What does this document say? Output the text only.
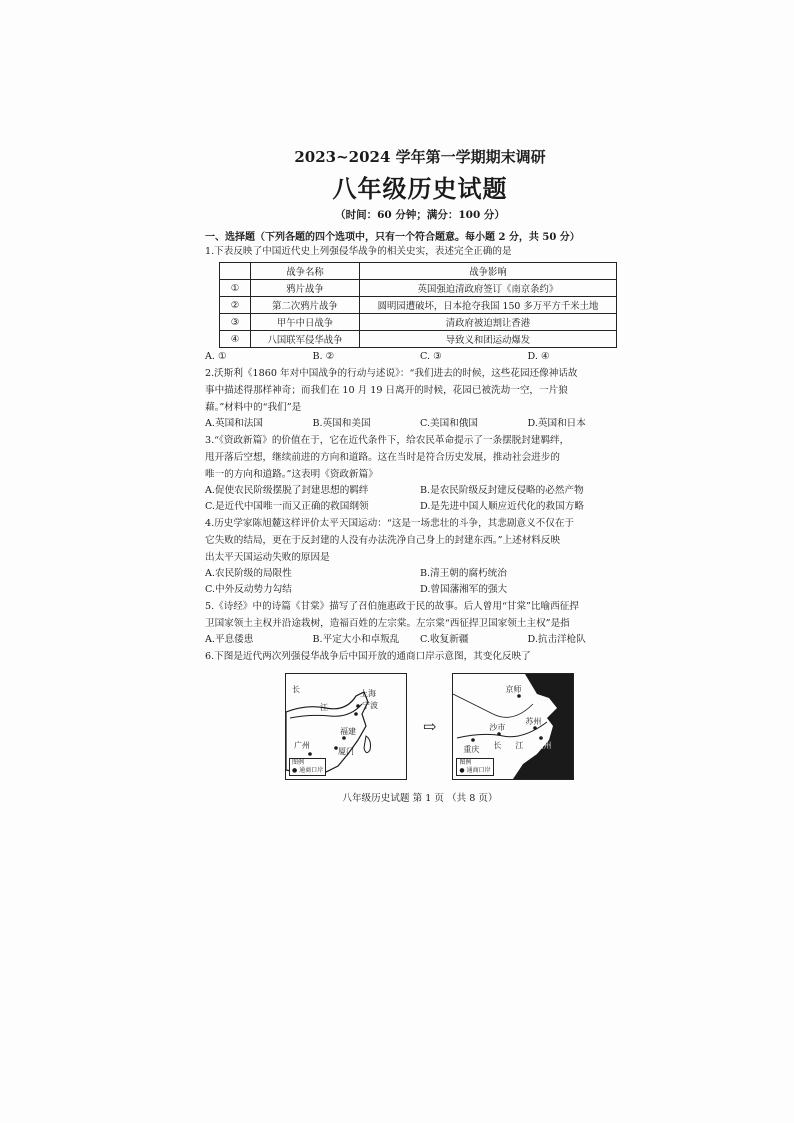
2023~2024 学年第一学期期末调研
八年级历史试题
（时间：60 分钟；满分：100 分）
一、选择题（下列各题的四个选项中，只有一个符合题意。每小题 2 分，共 50 分）
1.下表反映了中国近代史上列强侵华战争的相关史实，表述完全正确的是
	战争名称	战争影响
①	鸦片战争	英国强迫清政府签订《南京条约》
②	第二次鸦片战争	圆明园遭破坏，日本抢夺我国 150 多万平方千米土地
③	甲午中日战争	清政府被迫割让香港
④	八国联军侵华战争	导致义和团运动爆发
A. ①	B. ②	C. ③	D. ④
2.沃斯利《1860 年对中国战争的行动与述说》：“我们进去的时候，这些花园还像神话故
事中描述得那样神奇；而我们在 10 月 19 日离开的时候，花园已被洗劫一空，一片狼
藉。”材料中的“我们”是
A.英国和法国	B.英国和美国	C.美国和俄国	D.英国和日本
3.“《资政新篇》的价值在于，它在近代条件下，给农民革命提示了一条摆脱封建羁绊，
甩开落后空想，继续前进的方向和道路。这在当时是符合历史发展，推动社会进步的
唯一的方向和道路。”这表明《资政新篇》
A.促使农民阶级摆脱了封建思想的羁绊	B.是农民阶级反封建反侵略的必然产物
C.是近代中国唯一而又正确的救国纲领	D.是先进中国人顺应近代化的救国方略
4.历史学家陈旭麓这样评价太平天国运动：“这是一场悲壮的斗争，其悲剧意义不仅在于
它失败的结局，更在于反封建的人没有办法洗净自己身上的封建东西。”上述材料反映
出太平天国运动失败的原因是
A.农民阶级的局限性	B.清王朝的腐朽统治
C.中外反动势力勾结	D.曾国藩湘军的强大
5.《诗经》中的诗篇《甘棠》描写了召伯施惠政于民的故事。后人曾用“甘棠”比喻西征捍
卫国家领土主权并沿途栽树，造福百姓的左宗棠。左宗棠“西征捍卫国家领土主权”是指
A.平息倭患	B.平定大小和卓叛乱	C.收复新疆	D.抗击洋枪队
6.下图是近代两次列强侵华战争后中国开放的通商口岸示意图，其变化反映了
长
江
上海
宁波
福建
广州
厦门
图例
● 通商口岸
⇨
京师
苏州
沙市
重庆 长 江 杭州
图例
● 通商口岸
八年级历史试题 第 1 页 （共 8 页）
